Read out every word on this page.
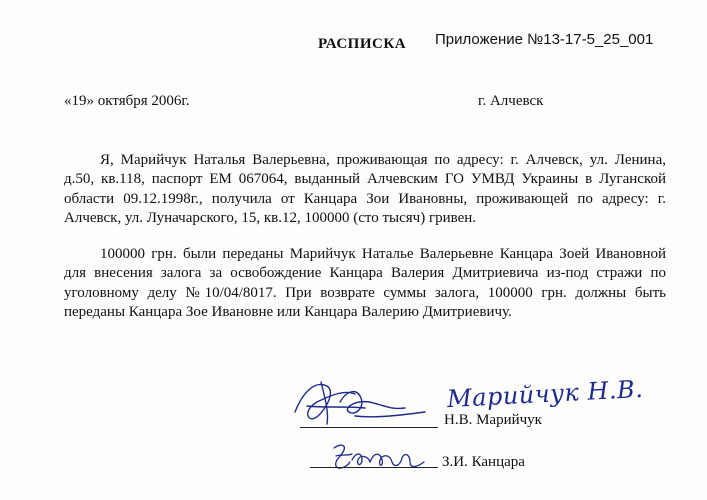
РАСПИСКА Приложение №13-17-5_25_001
«19» октября 2006г.	г. Алчевск

Я, Марийчук Наталья Валерьевна, проживающая по адресу: г. Алчевск, ул. Ленина, д.50, кв.118, паспорт ЕМ 067064, выданный Алчевским ГО УМВД Украины в Луганской области 09.12.1998г., получила от Канцара Зои Ивановны, проживающей по адресу: г. Алчевск, ул. Луначарского, 15, кв.12, 100000 (сто тысяч) гривен.

100000 грн. были переданы Марийчук Наталье Валерьевне Канцара Зоей Ивановной для внесения залога за освобождение Канцара Валерия Дмитриевича из-под стражи по уголовному делу №10/04/8017. При возврате суммы залога, 100000 грн. должны быть переданы Канцара Зое Ивановне или Канцара Валерию Дмитриевичу.

Марийчук Н.В.
Н.В. Марийчук
З.И. Канцара
